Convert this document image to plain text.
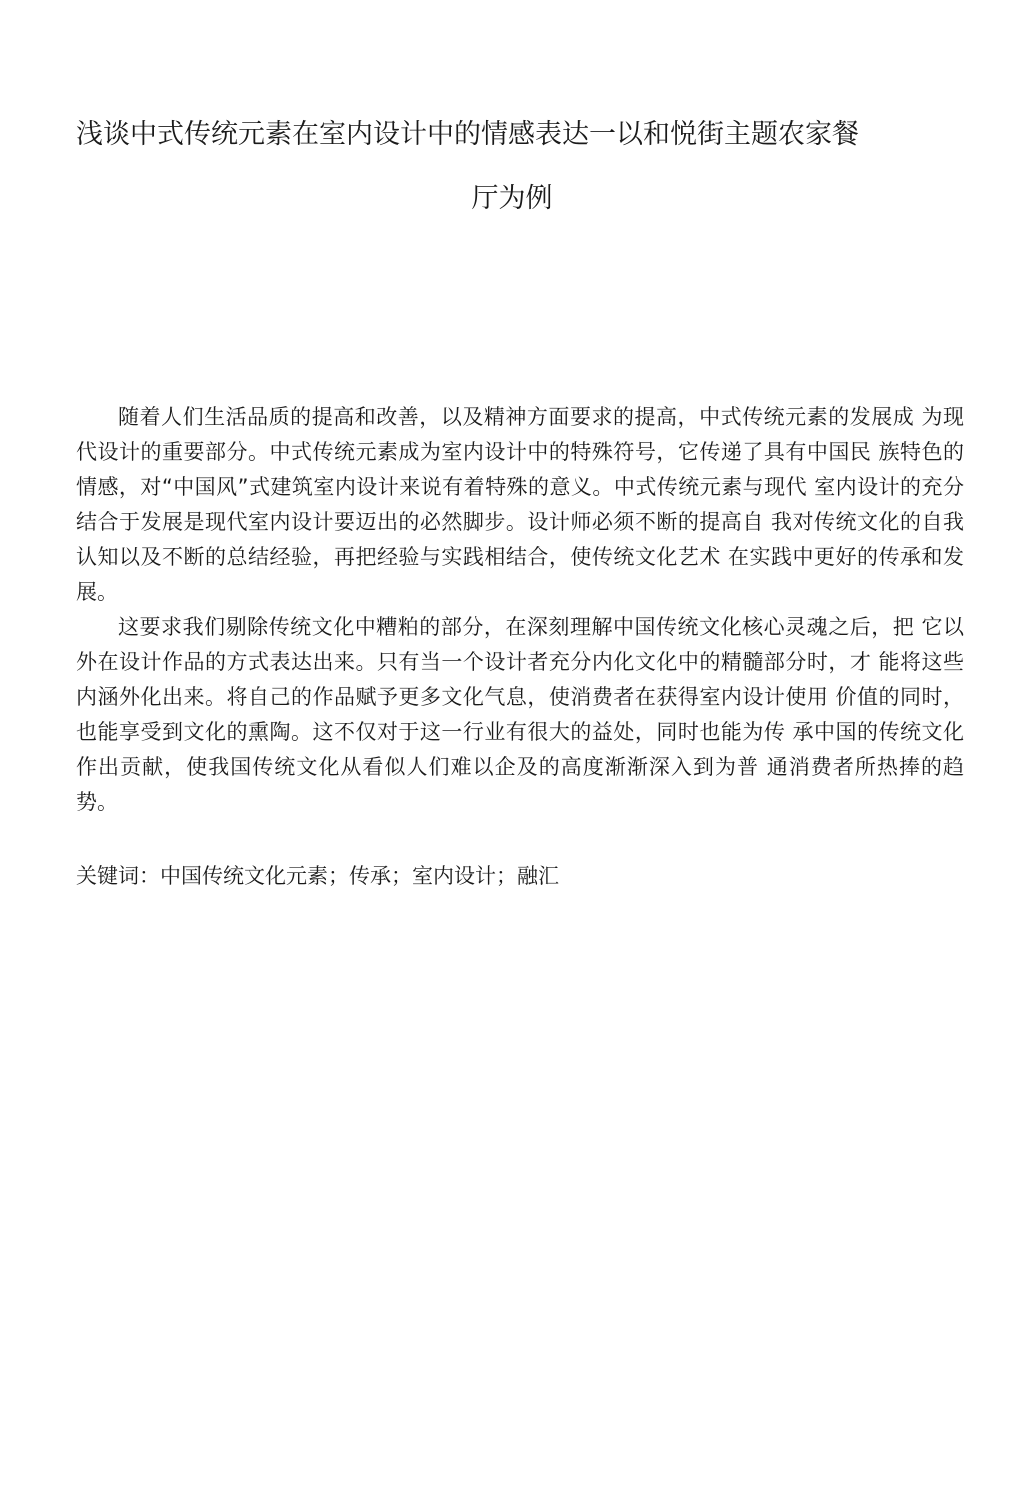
浅谈中式传统元素在室内设计中的情感表达一以和悦街主题农家餐
厅为例

随着人们生活品质的提高和改善，以及精神方面要求的提高，中式传统元素的发展成 为现代设计的重要部分。中式传统元素成为室内设计中的特殊符号，它传递了具有中国民 族特色的情感，对“中国风”式建筑室内设计来说有着特殊的意义。中式传统元素与现代 室内设计的充分结合于发展是现代室内设计要迈出的必然脚步。设计师必须不断的提高自 我对传统文化的自我认知以及不断的总结经验，再把经验与实践相结合，使传统文化艺术 在实践中更好的传承和发展。

这要求我们剔除传统文化中糟粕的部分，在深刻理解中国传统文化核心灵魂之后，把 它以外在设计作品的方式表达出来。只有当一个设计者充分内化文化中的精髓部分时，才 能将这些内涵外化出来。将自己的作品赋予更多文化气息，使消费者在获得室内设计使用 价值的同时，也能享受到文化的熏陶。这不仅对于这一行业有很大的益处，同时也能为传 承中国的传统文化作出贡献，使我国传统文化从看似人们难以企及的高度渐渐深入到为普 通消费者所热捧的趋势。

关键词：中国传统文化元素；传承；室内设计；融汇
